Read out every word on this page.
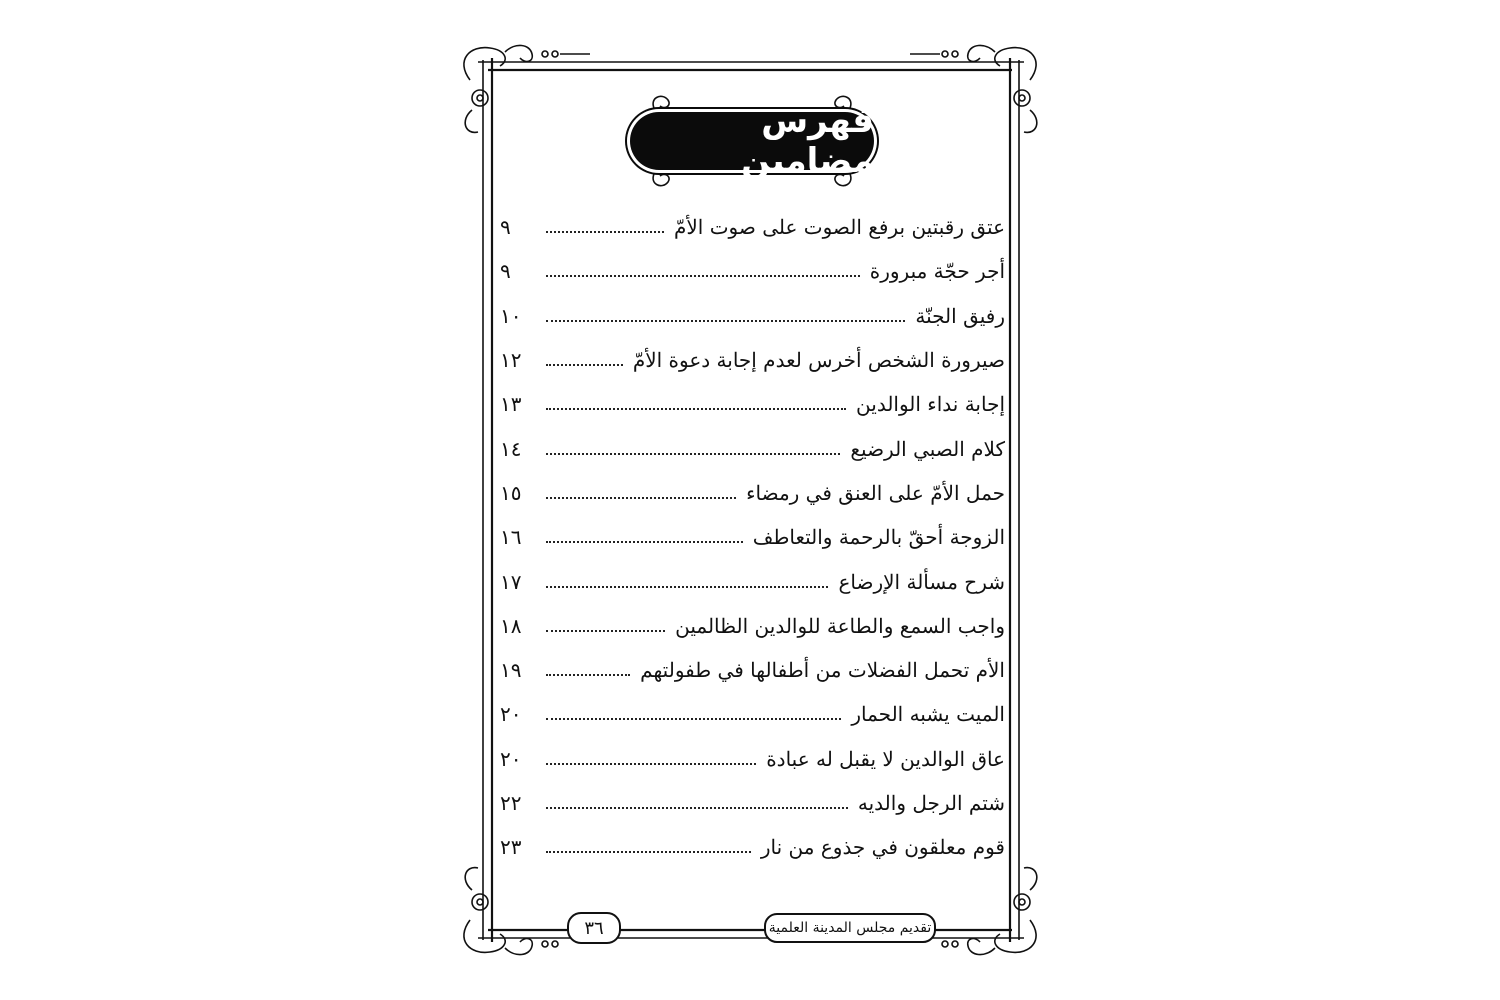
فهرس مضامين
عتق رقبتين برفع الصوت على صوت الأمّ
٩
أجر حجّة مبرورة
٩
رفيق الجنّة
١٠
صيرورة الشخص أخرس لعدم إجابة دعوة الأمّ
١٢
إجابة نداء الوالدين
١٣
كلام الصبي الرضيع
١٤
حمل الأمّ على العنق في رمضاء
١٥
الزوجة أحقّ بالرحمة والتعاطف
١٦
شرح مسألة الإرضاع
١٧
واجب السمع والطاعة للوالدين الظالمين
١٨
الأم تحمل الفضلات من أطفالها في طفولتهم
١٩
الميت يشبه الحمار
٢٠
عاق الوالدين لا يقبل له عبادة
٢٠
شتم الرجل والديه
٢٢
قوم معلقون في جذوع من نار
٢٣
٣٦	تقديم مجلس المدينة العلمية
